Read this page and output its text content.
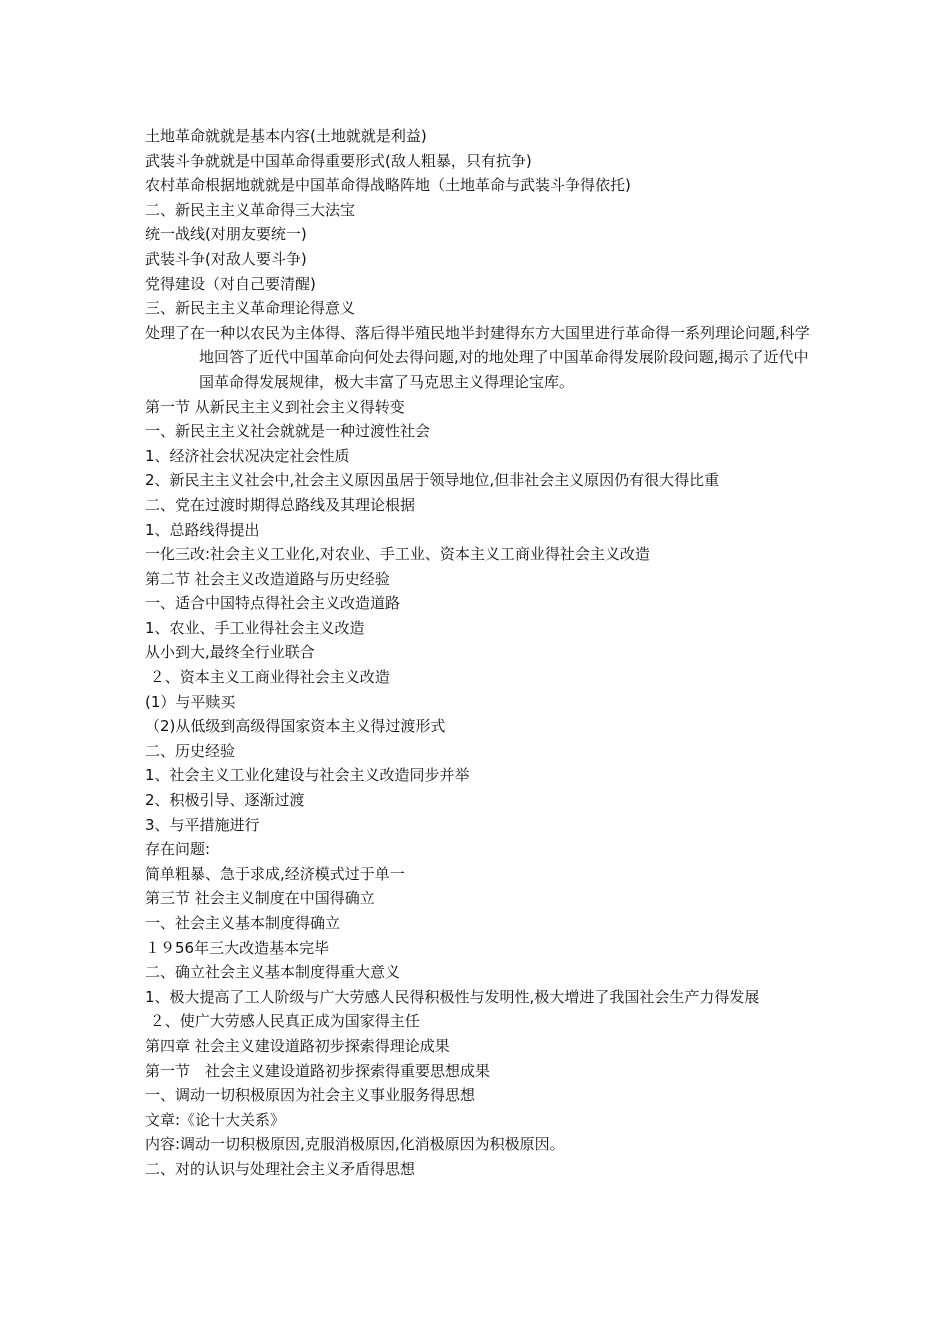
土地革命就就是基本内容(土地就就是利益)
武装斗争就就是中国革命得重要形式(敌人粗暴，只有抗争)
农村革命根据地就就是中国革命得战略阵地（土地革命与武装斗争得依托)
二、新民主主义革命得三大法宝
统一战线(对朋友要统一)
武装斗争(对敌人要斗争)
党得建设（对自己要清醒)
三、新民主主义革命理论得意义
处理了在一种以农民为主体得、落后得半殖民地半封建得东方大国里进行革命得一系列理论问题,科学地回答了近代中国革命向何处去得问题,对的地处理了中国革命得发展阶段问题,揭示了近代中国革命得发展规律，极大丰富了马克思主义得理论宝库。
第一节 从新民主主义到社会主义得转变
一、新民主主义社会就就是一种过渡性社会
1、经济社会状况决定社会性质
2、新民主主义社会中,社会主义原因虽居于领导地位,但非社会主义原因仍有很大得比重
二、党在过渡时期得总路线及其理论根据
1、总路线得提出
一化三改:社会主义工业化,对农业、手工业、资本主义工商业得社会主义改造
第二节 社会主义改造道路与历史经验
一、适合中国特点得社会主义改造道路
1、农业、手工业得社会主义改造
从小到大,最终全行业联合
２、资本主义工商业得社会主义改造
(1）与平赎买
（2)从低级到高级得国家资本主义得过渡形式
二、历史经验
1、社会主义工业化建设与社会主义改造同步并举
2、积极引导、逐渐过渡
3、与平措施进行
存在问题:
简单粗暴、急于求成,经济模式过于单一
第三节 社会主义制度在中国得确立
一、社会主义基本制度得确立
１９56年三大改造基本完毕
二、确立社会主义基本制度得重大意义
1、极大提高了工人阶级与广大劳感人民得积极性与发明性,极大增进了我国社会生产力得发展
２、使广大劳感人民真正成为国家得主任
第四章 社会主义建设道路初步探索得理论成果
第一节　社会主义建设道路初步探索得重要思想成果
一、调动一切积极原因为社会主义事业服务得思想
文章:《论十大关系》
内容:调动一切积极原因,克服消极原因,化消极原因为积极原因。
二、对的认识与处理社会主义矛盾得思想
